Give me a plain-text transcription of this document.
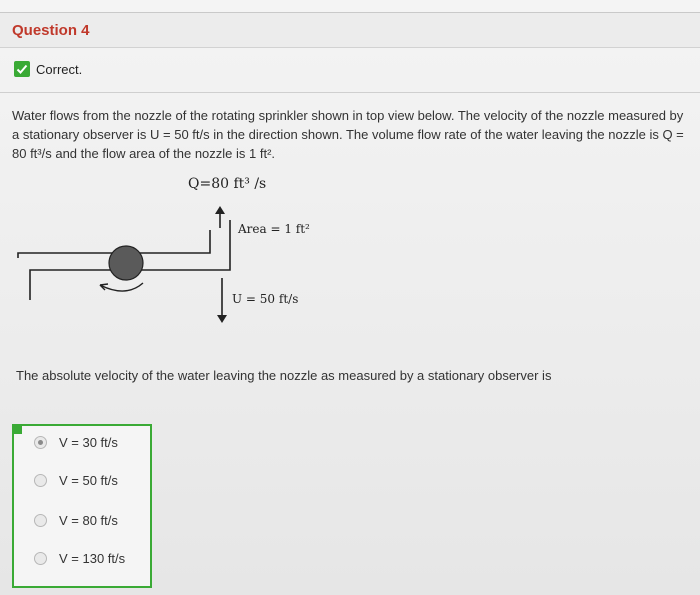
Question 4
Correct.
Water flows from the nozzle of the rotating sprinkler shown in top view below. The velocity of the nozzle measured by a stationary observer is U = 50 ft/s in the direction shown. The volume flow rate of the water leaving the nozzle is Q = 80 ft³/s and the flow area of the nozzle is 1 ft².
Q=80 ft³ /s
Area = 1 ft²
U = 50 ft/s
The absolute velocity of the water leaving the nozzle as measured by a stationary observer is
V = 30 ft/s
V = 50 ft/s
V = 80 ft/s
V = 130 ft/s
